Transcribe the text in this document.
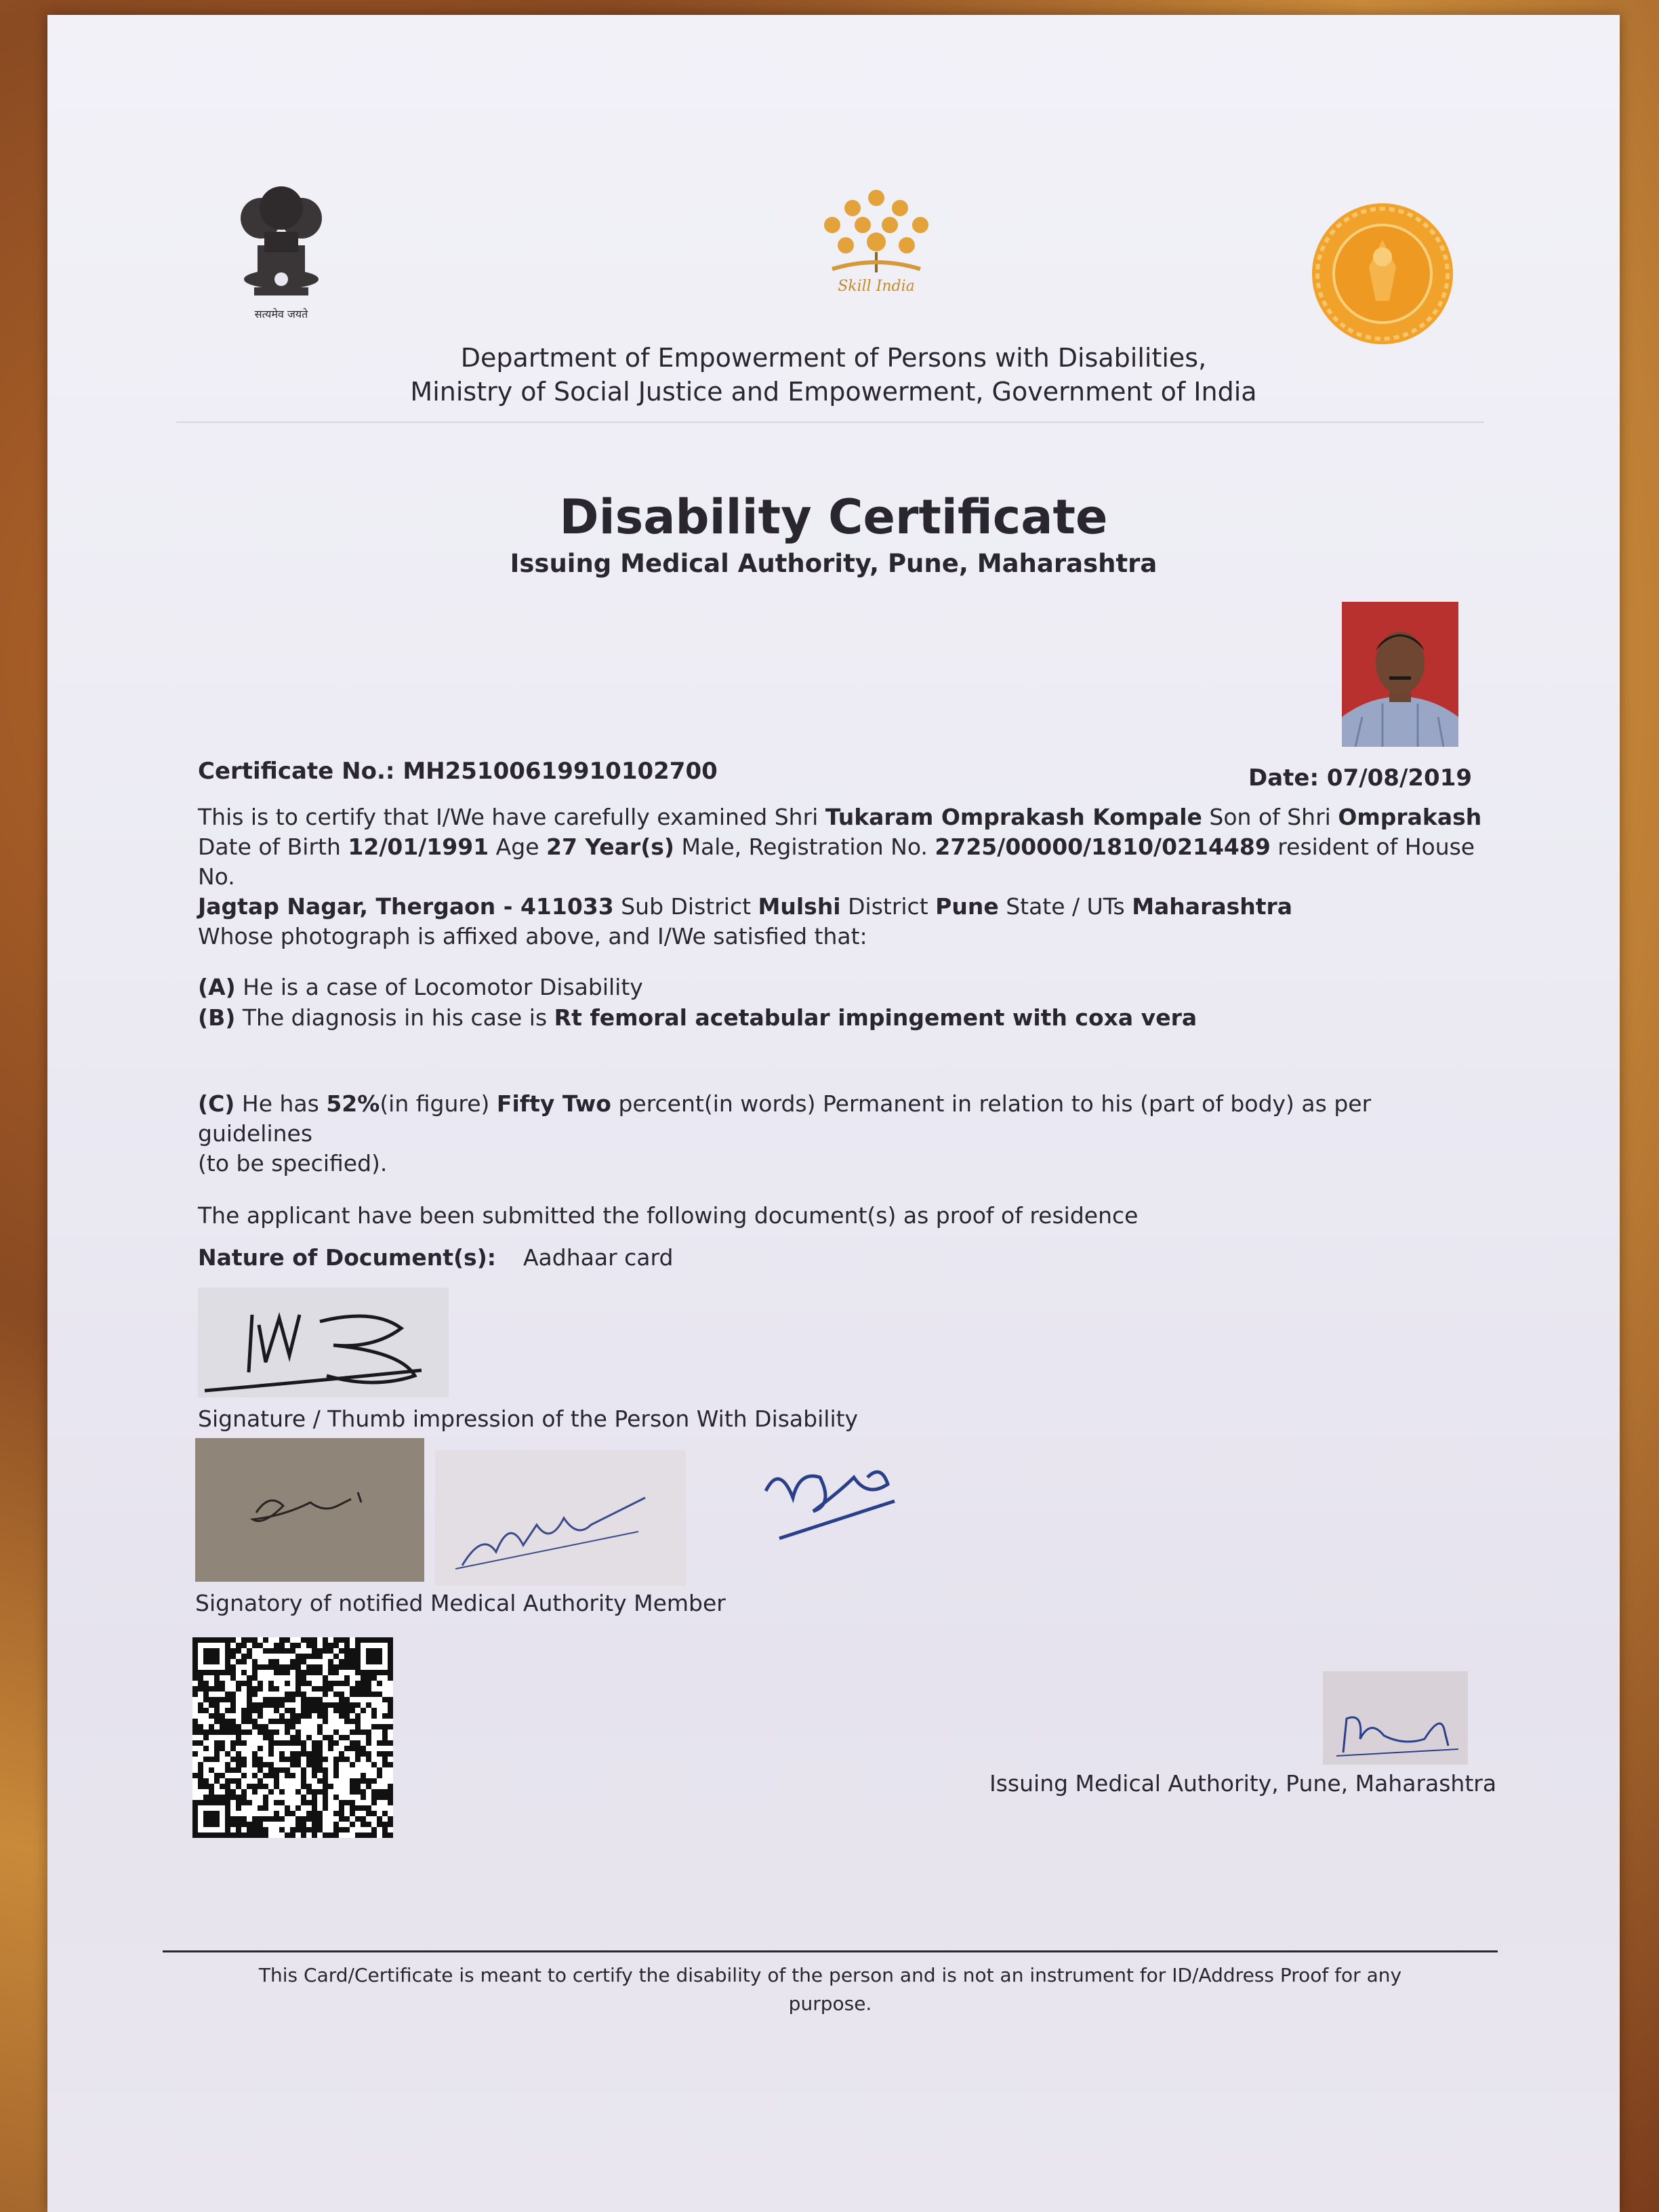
सत्यमेव जयते
Skill India
Department of Empowerment of Persons with Disabilities,
Ministry of Social Justice and Empowerment, Government of India
Disability Certificate
Issuing Medical Authority, Pune, Maharashtra
Certificate No.: MH25100619910102700	Date: 07/08/2019

This is to certify that I/We have carefully examined Shri Tukaram Omprakash Kompale Son of Shri Omprakash

Date of Birth 12/01/1991 Age 27 Year(s) Male, Registration No. 2725/00000/1810/0214489 resident of House No.

Jagtap Nagar, Thergaon - 411033 Sub District Mulshi District Pune State / UTs Maharashtra

Whose photograph is affixed above, and I/We satisfied that:

(A) He is a case of Locomotor Disability
(B) The diagnosis in his case is Rt femoral acetabular impingement with coxa vera
(C) He has 52%(in figure) Fifty Two percent(in words) Permanent in relation to his (part of body) as per guidelines
(to be specified).
The applicant have been submitted the following document(s) as proof of residence
Nature of Document(s): Aadhaar card
Signature / Thumb impression of the Person With Disability
Signatory of notified Medical Authority Member
Issuing Medical Authority, Pune, Maharashtra
This Card/Certificate is meant to certify the disability of the person and is not an instrument for ID/Address Proof for any
purpose.
